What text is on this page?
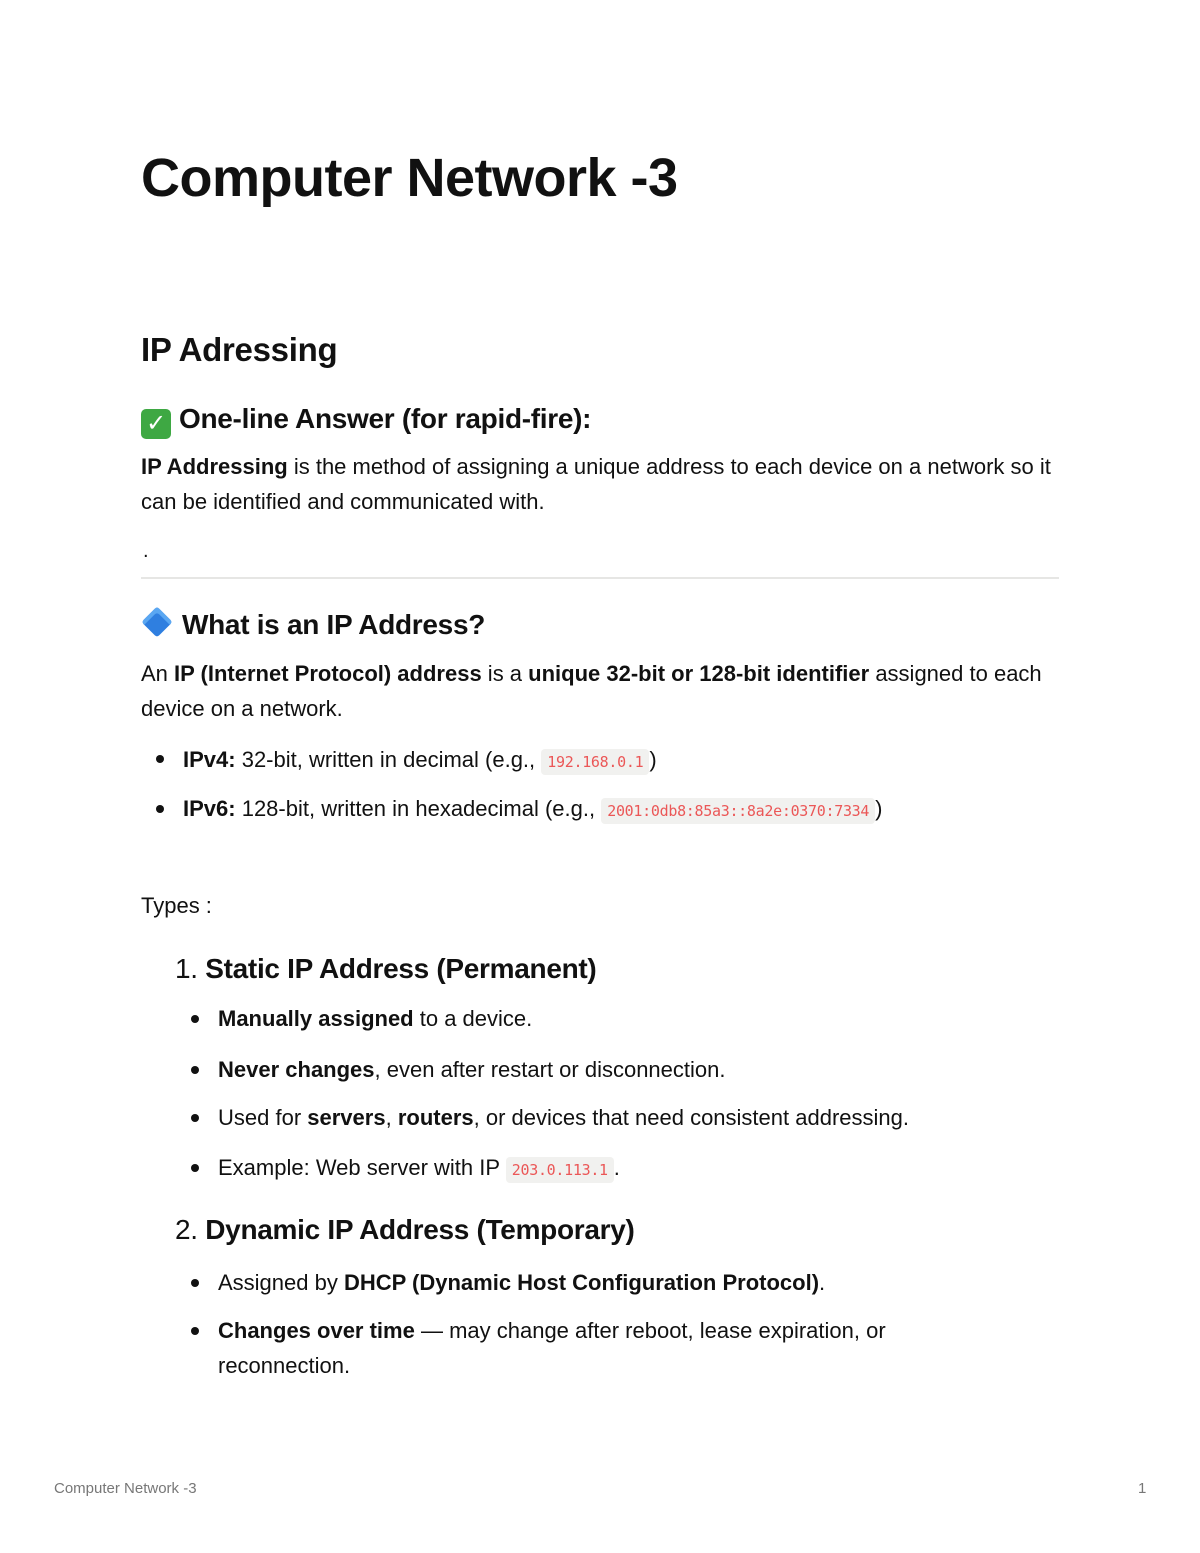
Computer Network -3
IP Adressing
✓ One-line Answer (for rapid-fire):

IP Addressing is the method of assigning a unique address to each device on a network so it can be identified and communicated with.

.
What is an IP Address?

An IP (Internet Protocol) address is a unique 32-bit or 128-bit identifier assigned to each device on a network.

IPv4: 32-bit, written in decimal (e.g., 192.168.0.1 )
IPv6: 128-bit, written in hexadecimal (e.g., 2001:0db8:85a3::8a2e:0370:7334 )
Types :
1. Static IP Address (Permanent)
Manually assigned to a device.
Never changes, even after restart or disconnection.
Used for servers, routers, or devices that need consistent addressing.
Example: Web server with IP 203.0.113.1 .
2. Dynamic IP Address (Temporary)
Assigned by DHCP (Dynamic Host Configuration Protocol).
Changes over time — may change after reboot, lease expiration, or
reconnection.
Computer Network -3	1
